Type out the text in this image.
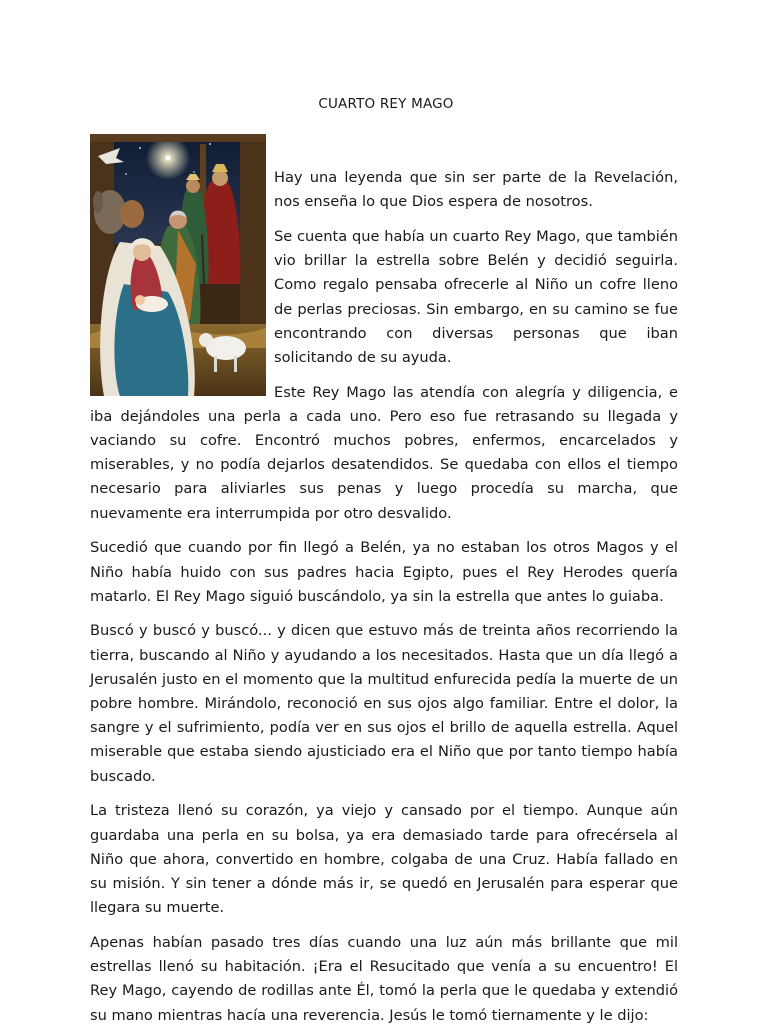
CUARTO REY MAGO

Hay una leyenda que sin ser parte de la Revelación, nos enseña lo que Dios espera de nosotros.

Se cuenta que había un cuarto Rey Mago, que también vio brillar la estrella sobre Belén y decidió seguirla. Como regalo pensaba ofrecerle al Niño un cofre lleno de perlas preciosas. Sin embargo, en su camino se fue encontrando con diversas personas que iban solicitando de su ayuda.

Este Rey Mago las atendía con alegría y diligencia, e iba dejándoles una perla a cada uno. Pero eso fue retrasando su llegada y vaciando su cofre. Encontró muchos pobres, enfermos, encarcelados y miserables, y no podía dejarlos desatendidos. Se quedaba con ellos el tiempo necesario para aliviarles sus penas y luego procedía su marcha, que nuevamente era interrumpida por otro desvalido.

Sucedió que cuando por fin llegó a Belén, ya no estaban los otros Magos y el Niño había huido con sus padres hacia Egipto, pues el Rey Herodes quería matarlo. El Rey Mago siguió buscándolo, ya sin la estrella que antes lo guiaba.

Buscó y buscó y buscó... y dicen que estuvo más de treinta años recorriendo la tierra, buscando al Niño y ayudando a los necesitados. Hasta que un día llegó a Jerusalén justo en el momento que la multitud enfurecida pedía la muerte de un pobre hombre. Mirándolo, reconoció en sus ojos algo familiar. Entre el dolor, la sangre y el sufrimiento, podía ver en sus ojos el brillo de aquella estrella. Aquel miserable que estaba siendo ajusticiado era el Niño que por tanto tiempo había buscado.

La tristeza llenó su corazón, ya viejo y cansado por el tiempo. Aunque aún guardaba una perla en su bolsa, ya era demasiado tarde para ofrecérsela al Niño que ahora, convertido en hombre, colgaba de una Cruz. Había fallado en su misión. Y sin tener a dónde más ir, se quedó en Jerusalén para esperar que llegara su muerte.

Apenas habían pasado tres días cuando una luz aún más brillante que mil estrellas llenó su habitación. ¡Era el Resucitado que venía a su encuentro! El Rey Mago, cayendo de rodillas ante Él, tomó la perla que le quedaba y extendió su mano mientras hacía una reverencia. Jesús le tomó tiernamente y le dijo:
